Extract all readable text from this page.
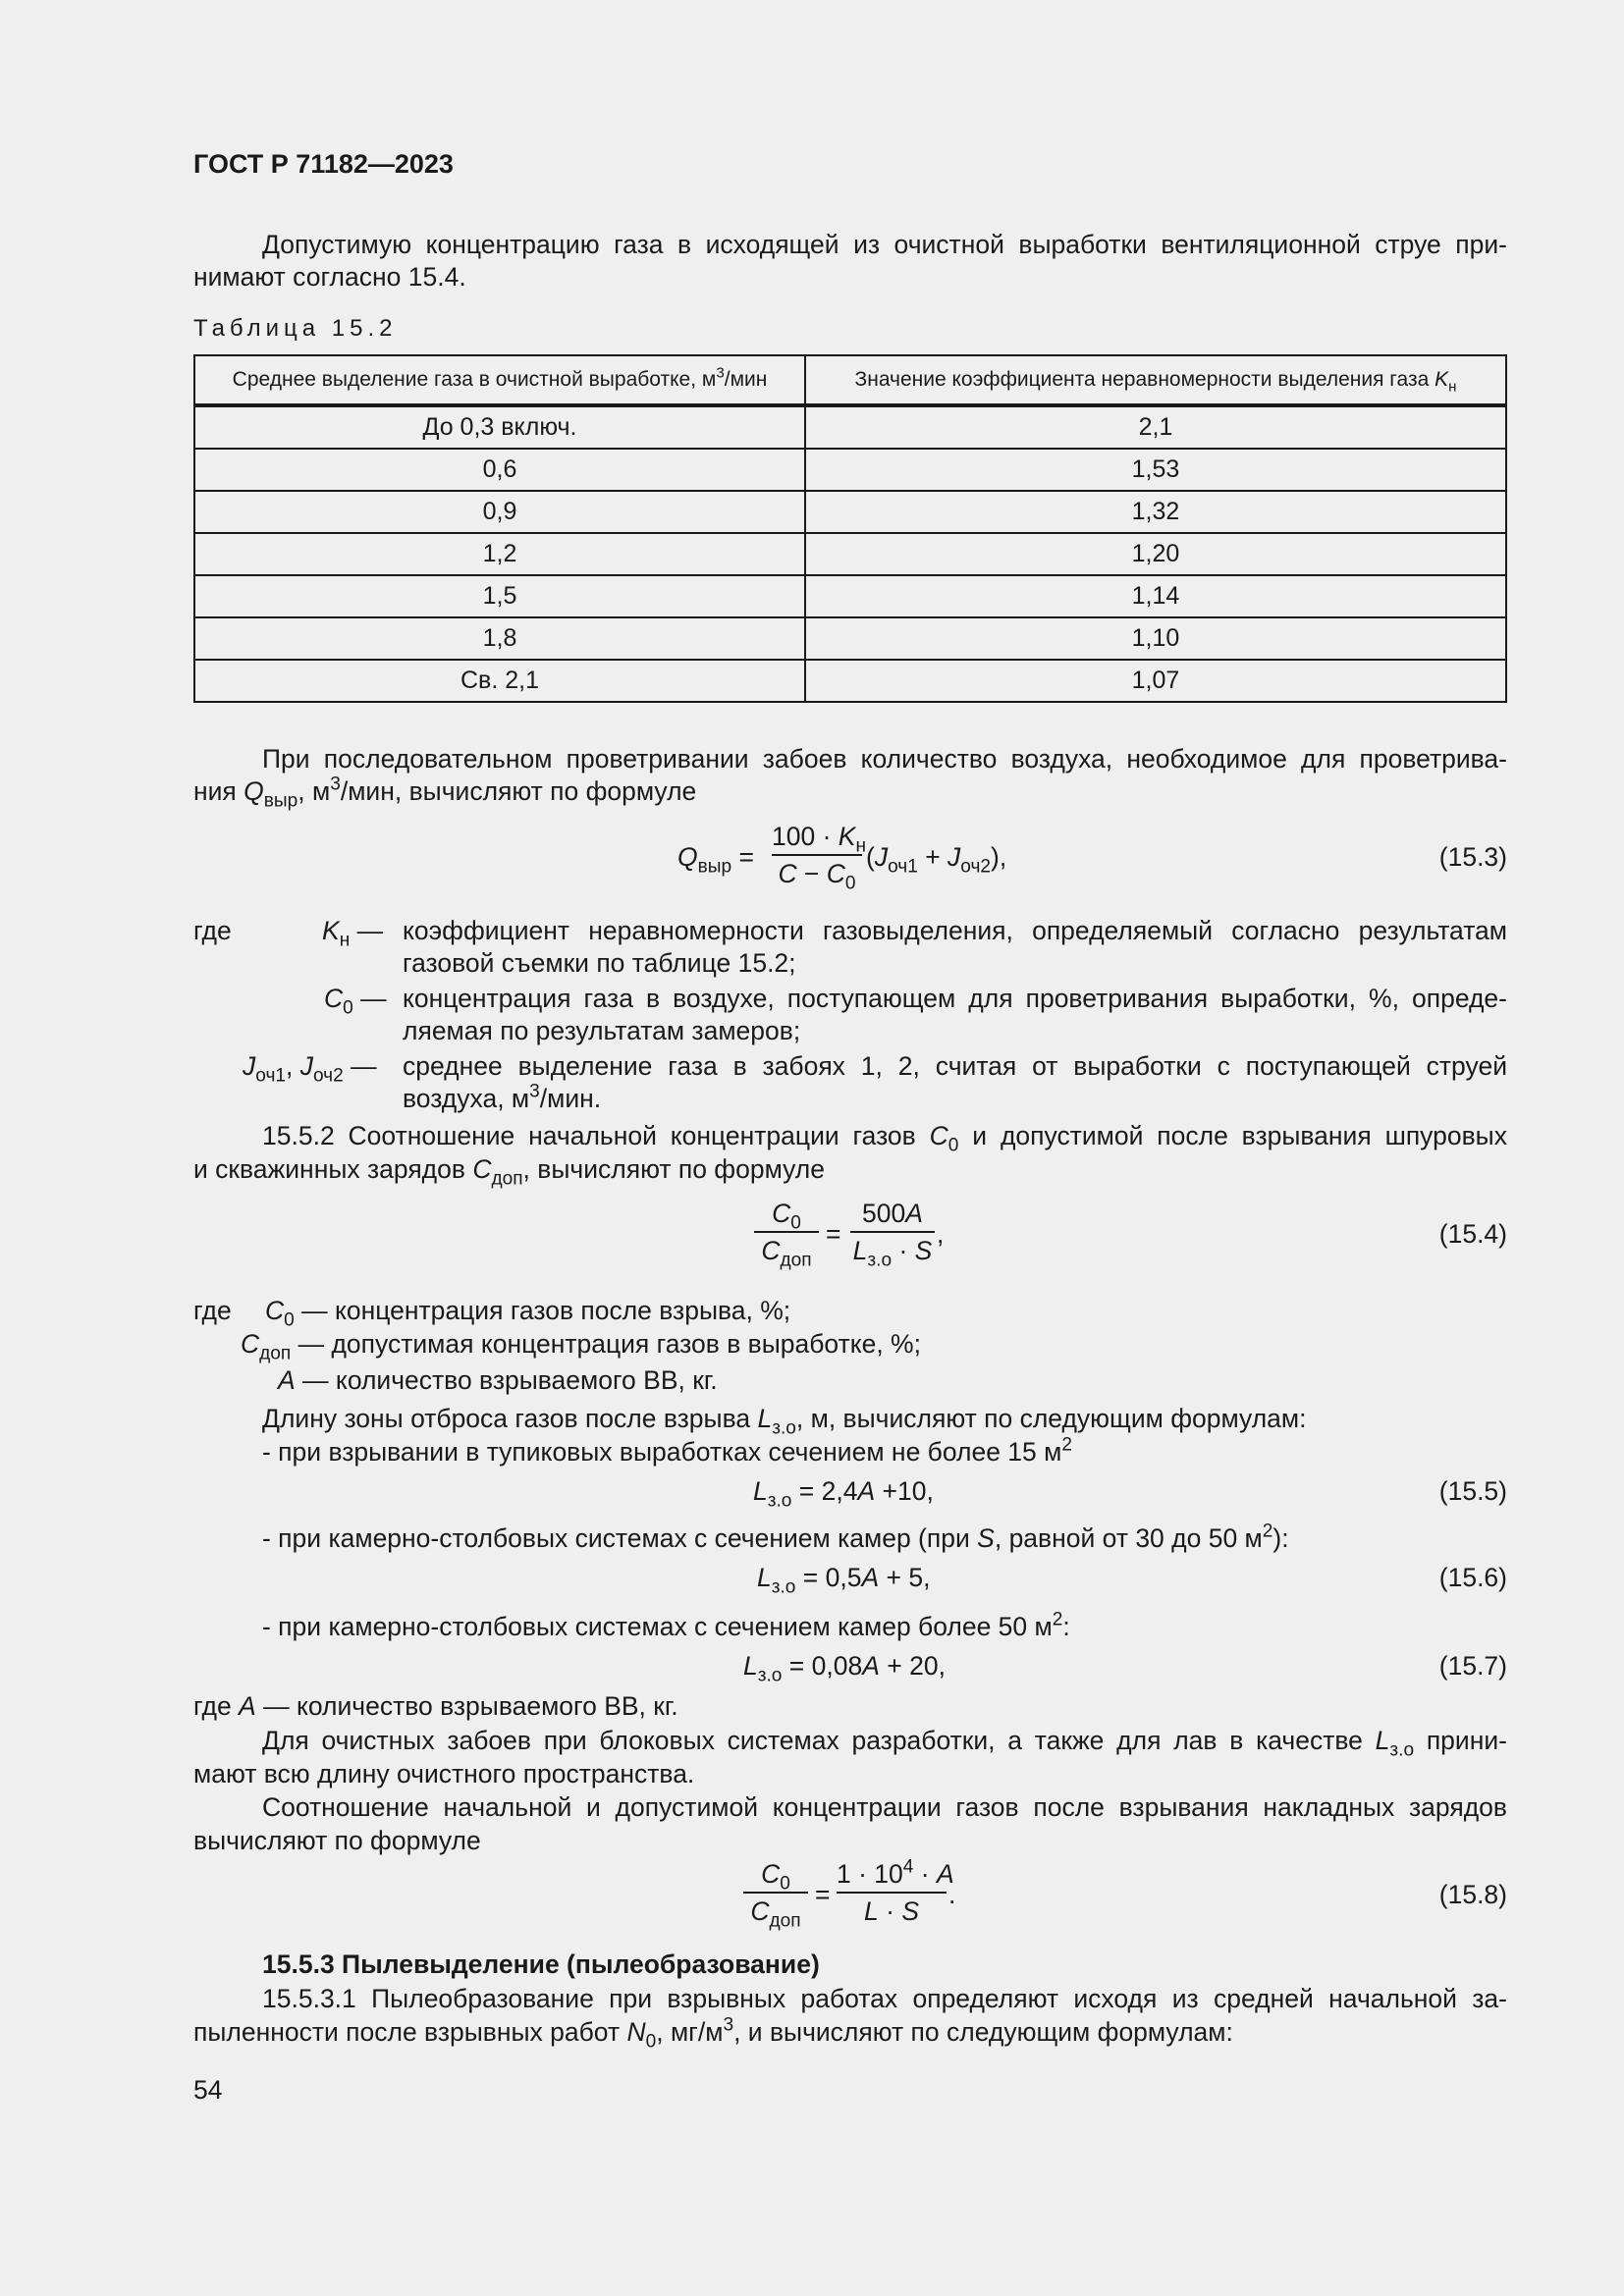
ГОСТ Р 71182—2023
Допустимую концентрацию газа в исходящей из очистной выработки вентиляционной струе при-
нимают согласно 15.4.
Таблица 15.2
Среднее выделение газа в очистной выработке, $м^3$/мин	Значение коэффициента неравномерности выделения газа $K_н$
До 0,3 включ.	2,1
0,6	1,53
0,9	1,32
1,2	1,20
1,5	1,14
1,8	1,10
Св. 2,1	1,07
При последовательном проветривании забоев количество воздуха, необходимое для проветрива-
ния $Q_{выр}$, $м^3$/мин, вычисляют по формуле
$Q_{выр}$ =
$100 \cdot K_н$
$C - C_0$
$(J_{оч1} + J_{оч2})$,	(15.3)
где	$K_н$ — коэффициент неравномерности газовыделения, определяемый согласно результатам
газовой съемки по таблице 15.2;
$C_0$ — концентрация газа в воздухе, поступающем для проветривания выработки, %, опреде-
ляемая по результатам замеров;
$J_{оч1}$, $J_{оч2}$ — среднее выделение газа в забоях 1, 2, считая от выработки с поступающей струей
воздуха, $м^3$/мин.
15.5.2 Соотношение начальной концентрации газов $C_0$ и допустимой после взрывания шпуровых
и скважинных зарядов $C_{доп}$, вычисляют по формуле
$C_0$
$C_{доп}$
=
500A
$L_{з.о} \cdot S$
,	(15.4)
где $C_0$ — концентрация газов после взрыва, %;
$C_{доп}$ — допустимая концентрация газов в выработке, %;
A — количество взрываемого ВВ, кг.
Длину зоны отброса газов после взрыва $L_{з.о}$, м, вычисляют по следующим формулам:
- при взрывании в тупиковых выработках сечением не более 15 $м^2$
$L_{з.о} = 2,4A +10$,	(15.5)
- при камерно-столбовых системах с сечением камер (при S, равной от 30 до 50 $м^2$):
$L_{з.о} = 0,5A + 5$,	(15.6)
- при камерно-столбовых системах с сечением камер более 50 $м^2$:
$L_{з.о} = 0,08A + 20$,	(15.7)
где A — количество взрываемого ВВ, кг.
Для очистных забоев при блоковых системах разработки, а также для лав в качестве $L_{з.о}$ прини-
мают всю длину очистного пространства.
Соотношение начальной и допустимой концентрации газов после взрывания накладных зарядов
вычисляют по формуле
$C_0$
$C_{доп}$
=
$1 \cdot 10^4 \cdot A$
L · S
.	(15.8)
15.5.3 Пылевыделение (пылеобразование)
15.5.3.1 Пылеобразование при взрывных работах определяют исходя из средней начальной за-
пыленности после взрывных работ $N_0$, $мг/м^3$, и вычисляют по следующим формулам:
54
